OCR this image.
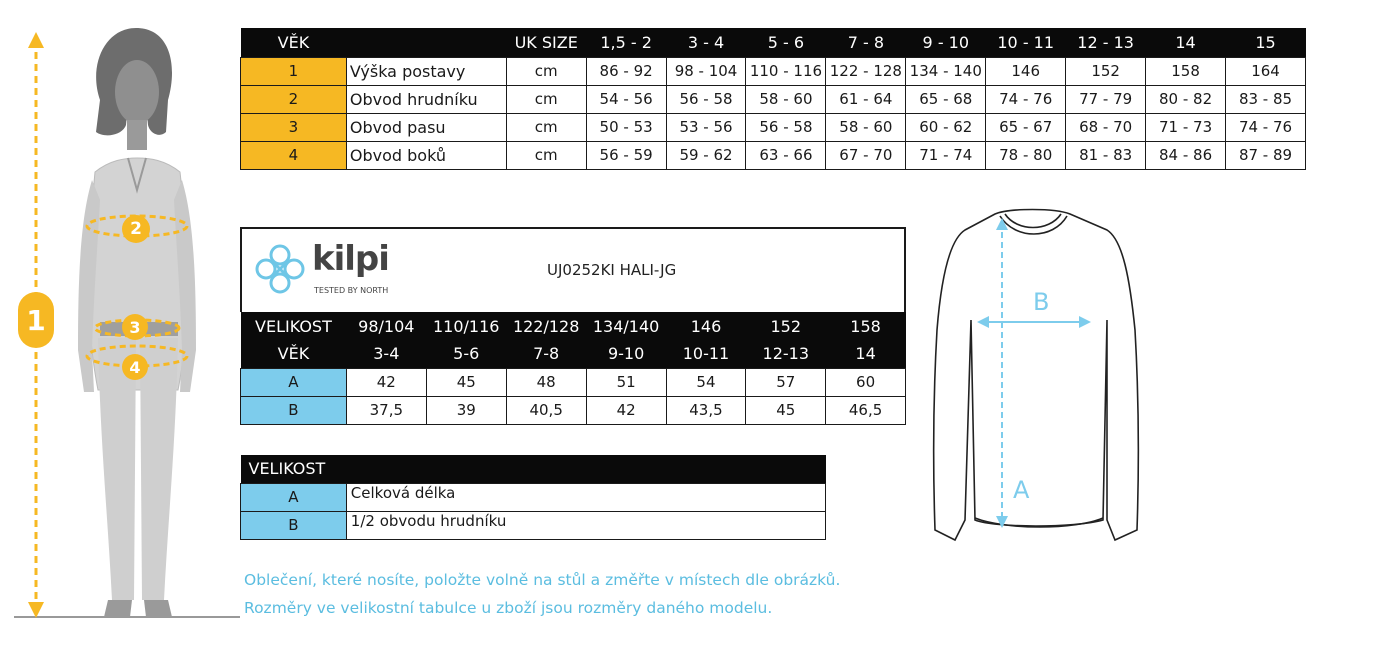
1
2
3
4
VĚK		UK SIZE	1,5 - 2	3 - 4	5 - 6	7 - 8	9 - 10	10 - 11	12 - 13	14	15
1	Výška postavy	cm	86 - 92	98 - 104	110 - 116	122 - 128	134 - 140	146	152	158	164
2	Obvod hrudníku	cm	54 - 56	56 - 58	58 - 60	61 - 64	65 - 68	74 - 76	77 - 79	80 - 82	83 - 85
3	Obvod pasu	cm	50 - 53	53 - 56	56 - 58	58 - 60	60 - 62	65 - 67	68 - 70	71 - 73	74 - 76
4	Obvod boků	cm	56 - 59	59 - 62	63 - 66	67 - 70	71 - 74	78 - 80	81 - 83	84 - 86	87 - 89
kilpi
TESTED BY NORTH
UJ0252KI HALI-JG
VELIKOST	98/104	110/116	122/128	134/140	146	152	158
VĚK	3-4	5-6	7-8	9-10	10-11	12-13	14
A	42	45	48	51	54	57	60
B	37,5	39	40,5	42	43,5	45	46,5
VELIKOST	
A	Celková délka
B	1/2 obvodu hrudníku
B
A
Oblečení, které nosíte, položte volně na stůl a změřte v místech dle obrázků.
Rozměry ve velikostní tabulce u zboží jsou rozměry daného modelu.
